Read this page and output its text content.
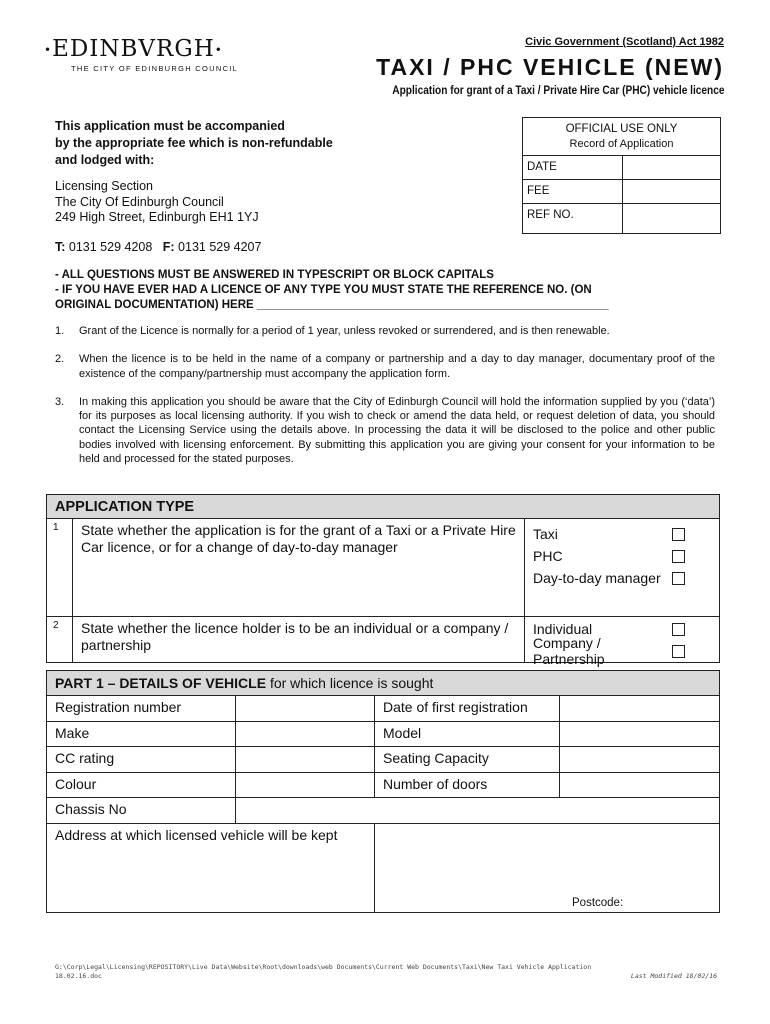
•EDINBVRGH•
THE CITY OF EDINBURGH COUNCIL
Civic Government (Scotland) Act 1982
TAXI / PHC VEHICLE (NEW)
Application for grant of a Taxi / Private Hire Car (PHC) vehicle licence
This application must be accompanied
by the appropriate fee which is non-refundable
and lodged with:
Licensing Section
The City Of Edinburgh Council
249 High Street, Edinburgh EH1 1YJ
T: 0131 529 4208 F: 0131 529 4207
OFFICIAL USE ONLY
Record of Application
DATE
FEE
REF NO.
- ALL QUESTIONS MUST BE ANSWERED IN TYPESCRIPT OR BLOCK CAPITALS
- IF YOU HAVE EVER HAD A LICENCE OF ANY TYPE YOU MUST STATE THE REFERENCE NO. (ON
ORIGINAL DOCUMENTATION) HERE _______________________________________________________
1.	Grant of the Licence is normally for a period of 1 year, unless revoked or surrendered, and is then renewable.
2.	When the licence is to be held in the name of a company or partnership and a day to day manager, documentary proof of the existence of the company/partnership must accompany the application form.
3.	In making this application you should be aware that the City of Edinburgh Council will hold the information supplied by you (‘data’) for its purposes as local licensing authority. If you wish to check or amend the data held, or request deletion of data, you should contact the Licensing Service using the details above. In processing the data it will be disclosed to the police and other public bodies involved with licensing enforcement. By submitting this application you are giving your consent for your information to be held and processed for the stated purposes.
APPLICATION TYPE
1	State whether the application is for the grant of a Taxi or a Private Hire Car licence, or for a change of day-to-day manager
Taxi
PHC
Day-to-day manager
2	State whether the licence holder is to be an individual or a company / partnership
Individual
Company / Partnership
PART 1 – DETAILS OF VEHICLE for which licence is sought
Registration number	Date of first registration
Make	Model
CC rating	Seating Capacity
Colour	Number of doors
Chassis No
Address at which licensed vehicle will be kept
Postcode:
G:\Corp\Legal\Licensing\REPOSITORY\Live Data\Website\Root\downloads\web Documents\Current Web Documents\Taxi\New Taxi Vehicle Application
18.02.16.doc	Last Modified 18/02/16
